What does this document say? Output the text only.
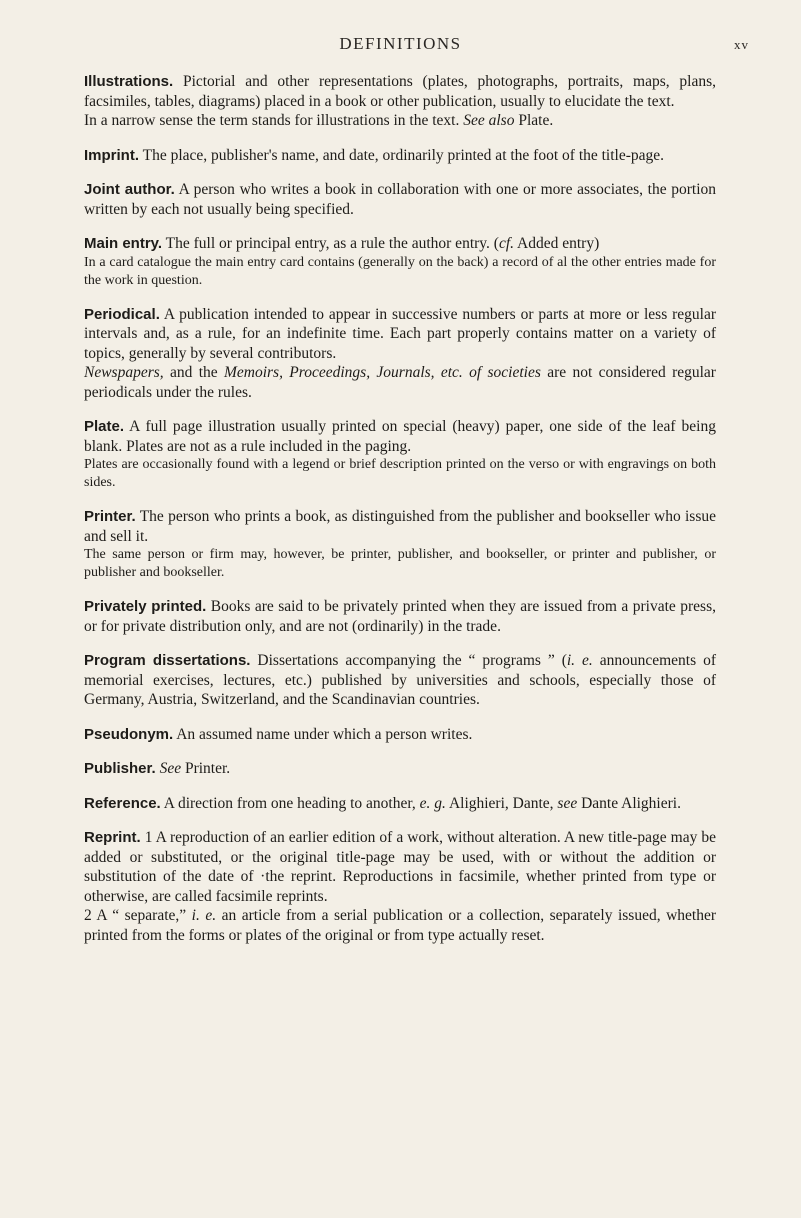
DEFINITIONS	xv

Illustrations. Pictorial and other representations (plates, photographs, portraits, maps, plans, facsimiles, tables, diagrams) placed in a book or other publication, usually to elucidate the text.

In a narrow sense the term stands for illustrations in the text. See also Plate.

Imprint. The place, publisher's name, and date, ordinarily printed at the foot of the title-page.

Joint author. A person who writes a book in collaboration with one or more associates, the portion written by each not usually being specified.

Main entry. The full or principal entry, as a rule the author entry. (cf. Added entry)

In a card catalogue the main entry card contains (generally on the back) a record of al the other entries made for the work in question.

Periodical. A publication intended to appear in successive numbers or parts at more or less regular intervals and, as a rule, for an indefinite time. Each part properly contains matter on a variety of topics, generally by several contributors.

Newspapers, and the Memoirs, Proceedings, Journals, etc. of societies are not considered regular periodicals under the rules.

Plate. A full page illustration usually printed on special (heavy) paper, one side of the leaf being blank. Plates are not as a rule included in the paging.

Plates are occasionally found with a legend or brief description printed on the verso or with engravings on both sides.

Printer. The person who prints a book, as distinguished from the publisher and bookseller who issue and sell it.

The same person or firm may, however, be printer, publisher, and bookseller, or printer and publisher, or publisher and bookseller.

Privately printed. Books are said to be privately printed when they are issued from a private press, or for private distribution only, and are not (ordinarily) in the trade.

Program dissertations. Dissertations accompanying the “ programs ” (i. e. announcements of memorial exercises, lectures, etc.) published by universities and schools, especially those of Germany, Austria, Switzerland, and the Scandinavian countries.

Pseudonym. An assumed name under which a person writes.

Publisher. See Printer.

Reference. A direction from one heading to another, e. g. Alighieri, Dante, see Dante Alighieri.

Reprint. 1 A reproduction of an earlier edition of a work, without alteration. A new title-page may be added or substituted, or the original title-page may be used, with or without the addition or substitution of the date of ·the reprint. Reproductions in facsimile, whether printed from type or otherwise, are called facsimile reprints.

2 A “ separate,” i. e. an article from a serial publication or a collection, separately issued, whether printed from the forms or plates of the original or from type actually reset.
